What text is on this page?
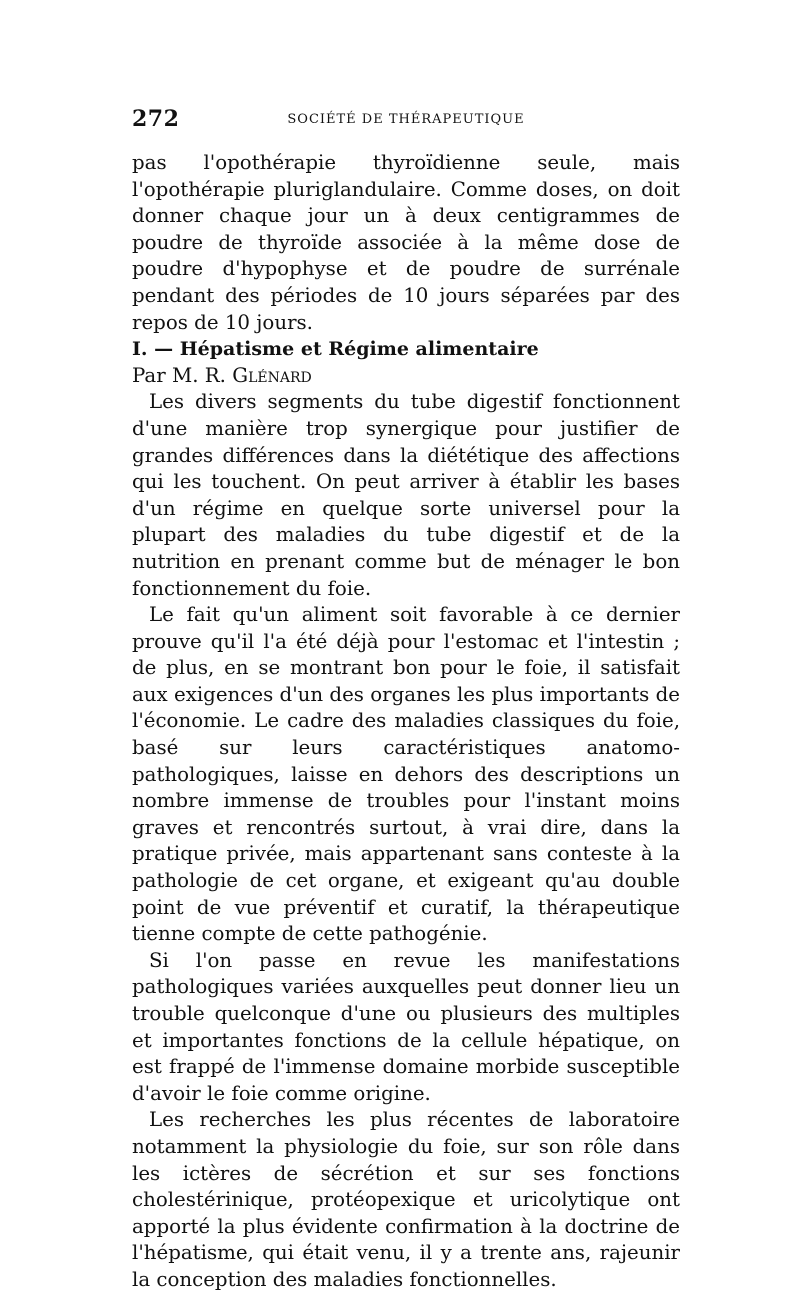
272	SOCIÉTÉ DE THÉRAPEUTIQUE

pas l'opothérapie thyroïdienne seule, mais l'opothérapie pluriglandulaire. Comme doses, on doit donner chaque jour un à deux centigrammes de poudre de thyroïde associée à la même dose de poudre d'hypophyse et de poudre de surrénale pendant des périodes de 10 jours séparées par des repos de 10 jours.

I. — Hépatisme et Régime alimentaire

Par M. R. Glénard

Les divers segments du tube digestif fonctionnent d'une manière trop synergique pour justifier de grandes différences dans la diététique des affections qui les touchent. On peut arriver à établir les bases d'un régime en quelque sorte universel pour la plupart des maladies du tube digestif et de la nutrition en prenant comme but de ménager le bon fonctionnement du foie.

Le fait qu'un aliment soit favorable à ce dernier prouve qu'il l'a été déjà pour l'estomac et l'intestin ; de plus, en se montrant bon pour le foie, il satisfait aux exigences d'un des organes les plus importants de l'économie. Le cadre des maladies classiques du foie, basé sur leurs caractéristiques anatomo-pathologiques, laisse en dehors des descriptions un nombre immense de troubles pour l'instant moins graves et rencontrés surtout, à vrai dire, dans la pratique privée, mais appartenant sans conteste à la pathologie de cet organe, et exigeant qu'au double point de vue préventif et curatif, la thérapeutique tienne compte de cette pathogénie.

Si l'on passe en revue les manifestations pathologiques variées auxquelles peut donner lieu un trouble quelconque d'une ou plusieurs des multiples et importantes fonctions de la cellule hépatique, on est frappé de l'immense domaine morbide susceptible d'avoir le foie comme origine.

Les recherches les plus récentes de laboratoire notamment la physiologie du foie, sur son rôle dans les ictères de sécrétion et sur ses fonctions cholestérinique, protéopexique et uricolytique ont apporté la plus évidente confirmation à la doctrine de l'hépatisme, qui était venu, il y a trente ans, rajeunir la conception des maladies fonctionnelles.
